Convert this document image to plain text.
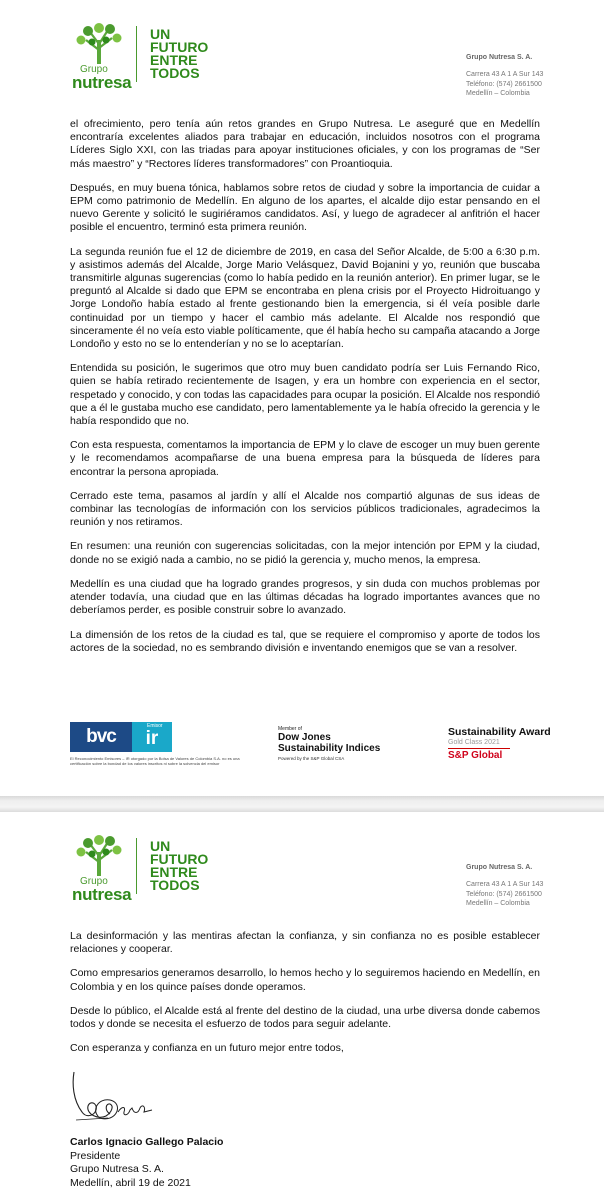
Grupo
nutresa
UN
FUTURO
ENTRE
TODOS
Grupo Nutresa S. A.
Carrera 43 A 1 A Sur 143
Teléfono: (574) 2661500
Medellín – Colombia

el ofrecimiento, pero tenía aún retos grandes en Grupo Nutresa. Le aseguré que en Medellín encontraría excelentes aliados para trabajar en educación, incluidos nosotros con el programa Líderes Siglo XXI, con las triadas para apoyar instituciones oficiales, y con los programas de “Ser más maestro” y “Rectores líderes transformadores” con Proantioquia.

Después, en muy buena tónica, hablamos sobre retos de ciudad y sobre la importancia de cuidar a EPM como patrimonio de Medellín. En alguno de los apartes, el alcalde dijo estar pensando en el nuevo Gerente y solicitó le sugiriéramos candidatos. Así, y luego de agradecer al anfitrión el hacer posible el encuentro, terminó esta primera reunión.

La segunda reunión fue el 12 de diciembre de 2019, en casa del Señor Alcalde, de 5:00 a 6:30 p.m. y asistimos además del Alcalde, Jorge Mario Velásquez, David Bojanini y yo, reunión que buscaba transmitirle algunas sugerencias (como lo había pedido en la reunión anterior). En primer lugar, se le preguntó al Alcalde si dado que EPM se encontraba en plena crisis por el Proyecto Hidroituango y Jorge Londoño había estado al frente gestionando bien la emergencia, si él veía posible darle continuidad por un tiempo y hacer el cambio más adelante. El Alcalde nos respondió que sinceramente él no veía esto viable políticamente, que él había hecho su campaña atacando a Jorge Londoño y esto no se lo entenderían y no se lo aceptarían.

Entendida su posición, le sugerimos que otro muy buen candidato podría ser Luis Fernando Rico, quien se había retirado recientemente de Isagen, y era un hombre con experiencia en el sector, respetado y conocido, y con todas las capacidades para ocupar la posición. El Alcalde nos respondió que a él le gustaba mucho ese candidato, pero lamentablemente ya le había ofrecido la gerencia y le había respondido que no.

Con esta respuesta, comentamos la importancia de EPM y lo clave de escoger un muy buen gerente y le recomendamos acompañarse de una buena empresa para la búsqueda de líderes para encontrar la persona apropiada.

Cerrado este tema, pasamos al jardín y allí el Alcalde nos compartió algunas de sus ideas de combinar las tecnologías de información con los servicios públicos tradicionales, agradecimos la reunión y nos retiramos.

En resumen: una reunión con sugerencias solicitadas, con la mejor intención por EPM y la ciudad, donde no se exigió nada a cambio, no se pidió la gerencia y, mucho menos, la empresa.

Medellín es una ciudad que ha logrado grandes progresos, y sin duda con muchos problemas por atender todavía, una ciudad que en las últimas décadas ha logrado importantes avances que no deberíamos perder, es posible construir sobre lo avanzado.

La dimensión de los retos de la ciudad es tal, que se requiere el compromiso y aporte de todos los actores de la sociedad, no es sembrando división e inventando enemigos que se van a resolver.

bvc	ir
Emisor
El Reconocimiento Emisores – IR otorgado por la Bolsa de Valores de Colombia S.A. no es una certificación sobre la bondad de los valores inscritos ni sobre la solvencia del emisor
Member of
Dow Jones
Sustainability Indices
Powered by the S&P Global CSA
Sustainability Award
Gold Class 2021
S&P Global
Grupo
nutresa
UN
FUTURO
ENTRE
TODOS
Grupo Nutresa S. A.
Carrera 43 A 1 A Sur 143
Teléfono: (574) 2661500
Medellín – Colombia

La desinformación y las mentiras afectan la confianza, y sin confianza no es posible establecer relaciones y cooperar.

Como empresarios generamos desarrollo, lo hemos hecho y lo seguiremos haciendo en Medellín, en Colombia y en los quince países donde operamos.

Desde lo público, el Alcalde está al frente del destino de la ciudad, una urbe diversa donde cabemos todos y donde se necesita el esfuerzo de todos para seguir adelante.

Con esperanza y confianza en un futuro mejor entre todos,

Carlos Ignacio Gallego Palacio
Presidente
Grupo Nutresa S. A.
Medellín, abril 19 de 2021
